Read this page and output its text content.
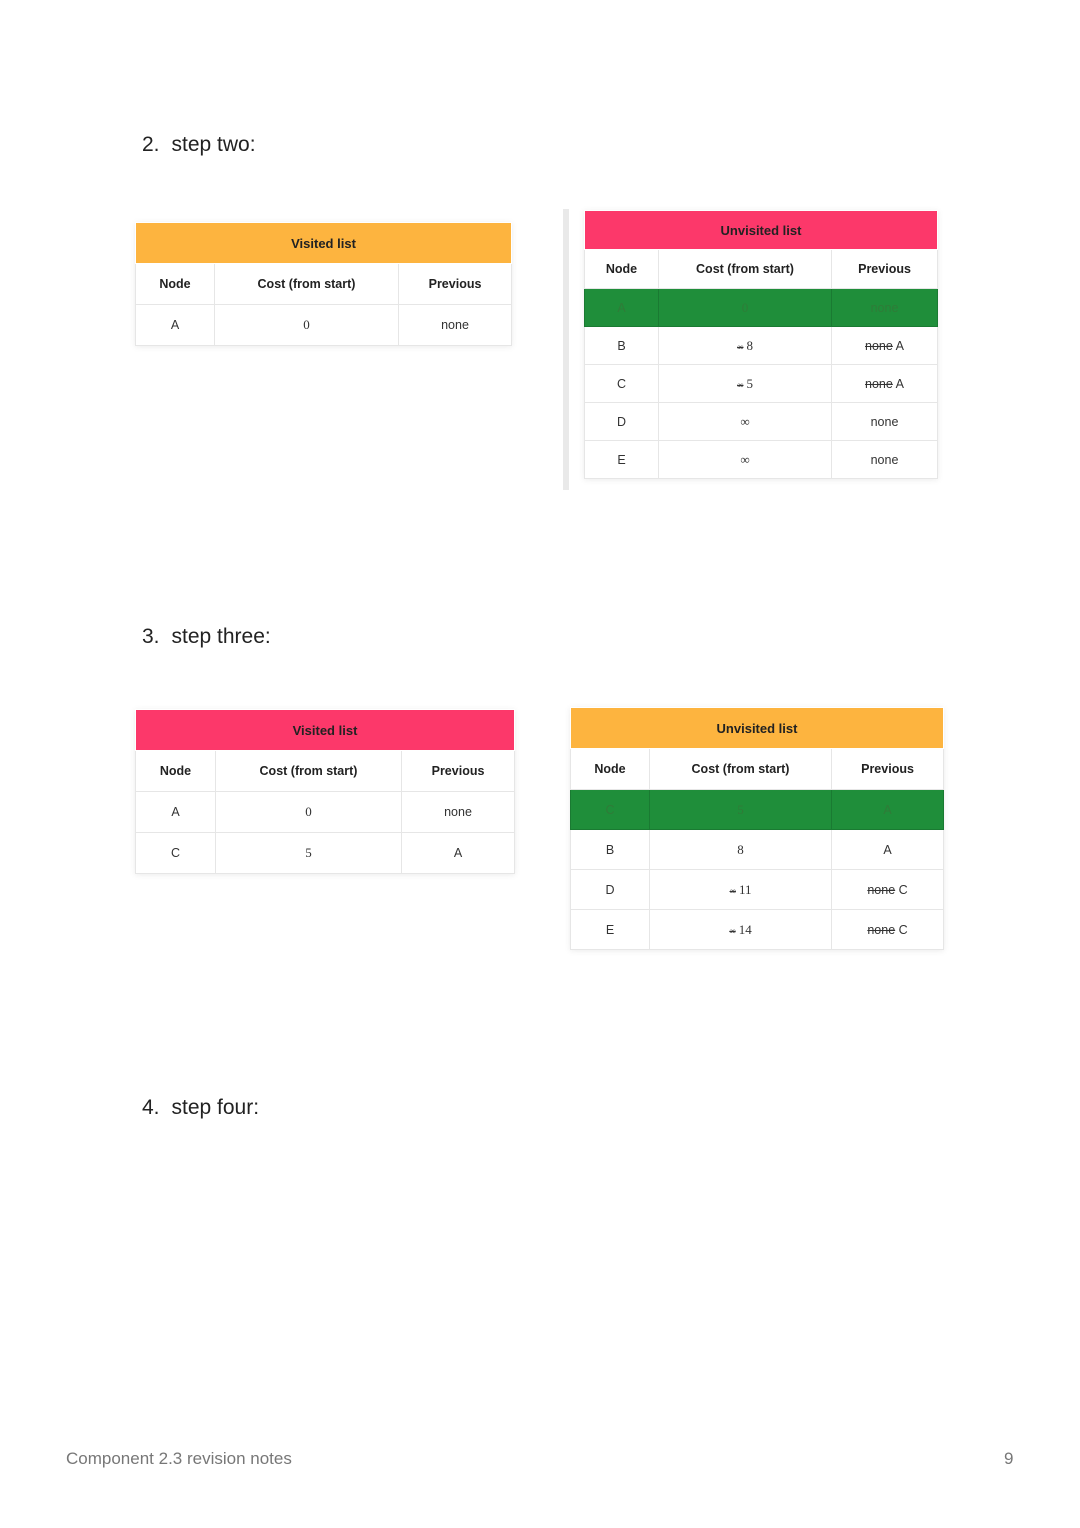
2. step two:
Visited list		
Node	Cost (from start)	Previous
A	0	none
Unvisited list		
Node	Cost (from start)	Previous
A	0	none
B	∞ 8	none A
C	∞ 5	none A
D	∞	none
E	∞	none
3. step three:
Visited list		
Node	Cost (from start)	Previous
A	0	none
C	5	A
Unvisited list		
Node	Cost (from start)	Previous
C	5	A
B	8	A
D	∞ 11	none C
E	∞ 14	none C
4. step four:
Component 2.3 revision notes	9
